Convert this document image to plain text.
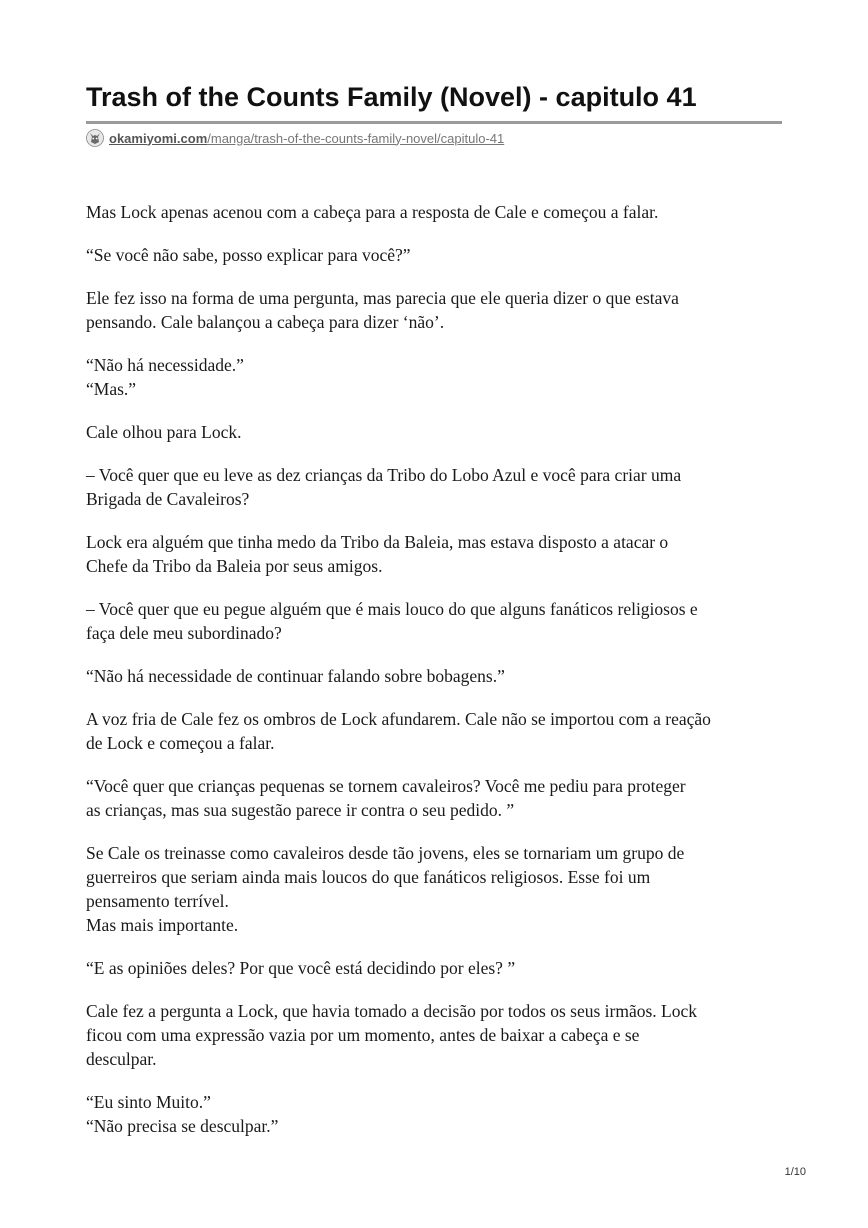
Trash of the Counts Family (Novel) - capitulo 41
okamiyomi.com /manga/trash-of-the-counts-family-novel/capitulo-41

Mas Lock apenas acenou com a cabeça para a resposta de Cale e começou a falar.

“Se você não sabe, posso explicar para você?”

Ele fez isso na forma de uma pergunta, mas parecia que ele queria dizer o que estava
pensando. Cale balançou a cabeça para dizer ‘não’.

“Não há necessidade.”
“Mas.”

Cale olhou para Lock.

– Você quer que eu leve as dez crianças da Tribo do Lobo Azul e você para criar uma
Brigada de Cavaleiros?

Lock era alguém que tinha medo da Tribo da Baleia, mas estava disposto a atacar o
Chefe da Tribo da Baleia por seus amigos.

– Você quer que eu pegue alguém que é mais louco do que alguns fanáticos religiosos e
faça dele meu subordinado?

“Não há necessidade de continuar falando sobre bobagens.”

A voz fria de Cale fez os ombros de Lock afundarem. Cale não se importou com a reação
de Lock e começou a falar.

“Você quer que crianças pequenas se tornem cavaleiros? Você me pediu para proteger
as crianças, mas sua sugestão parece ir contra o seu pedido. ”

Se Cale os treinasse como cavaleiros desde tão jovens, eles se tornariam um grupo de
guerreiros que seriam ainda mais loucos do que fanáticos religiosos. Esse foi um
pensamento terrível.
Mas mais importante.

“E as opiniões deles? Por que você está decidindo por eles? ”

Cale fez a pergunta a Lock, que havia tomado a decisão por todos os seus irmãos. Lock
ficou com uma expressão vazia por um momento, antes de baixar a cabeça e se
desculpar.

“Eu sinto Muito.”
“Não precisa se desculpar.”

1/10
